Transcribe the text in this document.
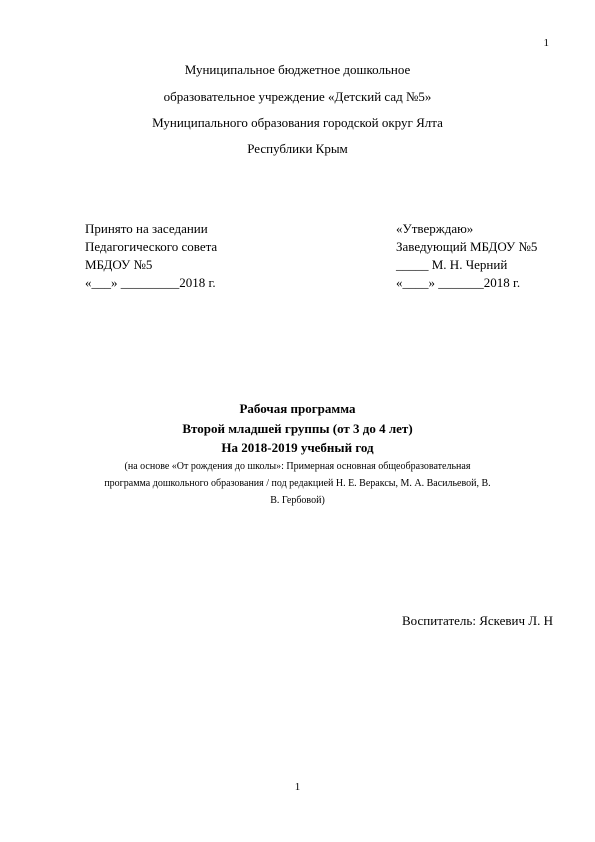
1
Муниципальное бюджетное дошкольное
образовательное учреждение «Детский сад №5»
Муниципального образования городской округ Ялта
Республики Крым
Принято на заседании
Педагогического совета
МБДОУ №5
«___» _________2018 г.
«Утверждаю»
Заведующий МБДОУ №5
_____ М. Н. Черний
«____» _______2018 г.
Рабочая программа
Второй младшей группы (от 3 до 4 лет)
На 2018-2019 учебный год
(на основе «От рождения до школы»: Примерная основная общеобразовательная
программа дошкольного образования / под редакцией Н. Е. Вераксы, М. А. Васильевой, В.
В. Гербовой)
Воспитатель: Яскевич Л. Н
1
